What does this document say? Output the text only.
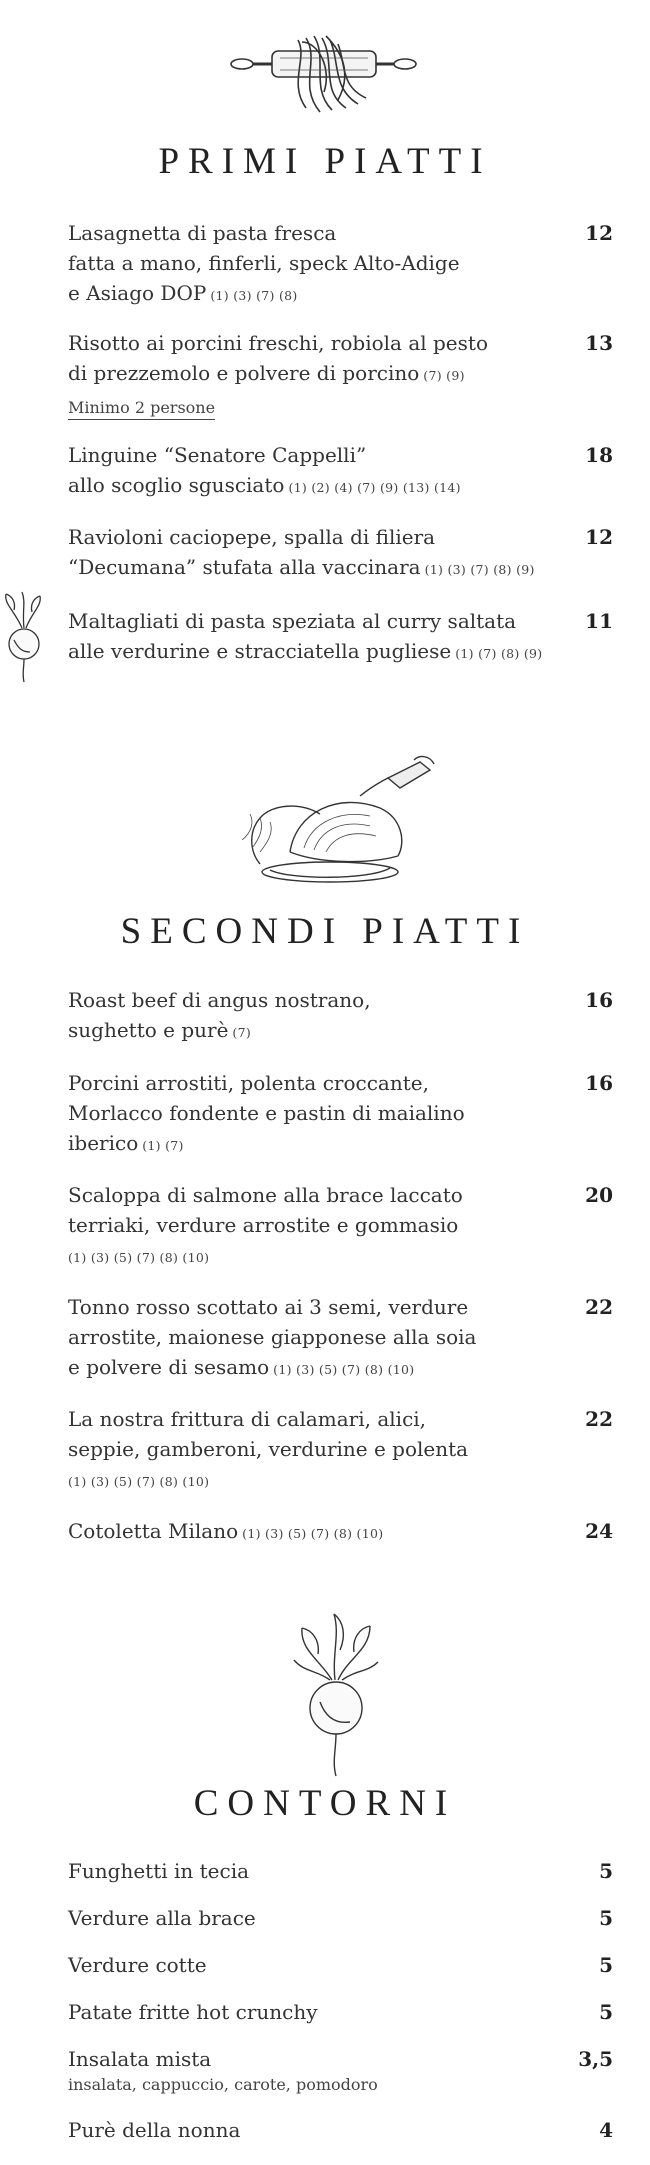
PRIMI PIATTI
Lasagnetta di pasta fresca
fatta a mano, finferli, speck Alto-Adige
e Asiago DOP (1) (3) (7) (8)
12
Risotto ai porcini freschi, robiola al pesto
di prezzemolo e polvere di porcino (7) (9)
Minimo 2 persone
13
Linguine “Senatore Cappelli”
allo scoglio sgusciato (1) (2) (4) (7) (9) (13) (14)
18
Ravioloni caciopepe, spalla di filiera
“Decumana” stufata alla vaccinara (1) (3) (7) (8) (9)
12
Maltagliati di pasta speziata al curry saltata
alle verdurine e stracciatella pugliese (1) (7) (8) (9)
11
SECONDI PIATTI
Roast beef di angus nostrano,
sughetto e purè (7)
16
Porcini arrostiti, polenta croccante,
Morlacco fondente e pastin di maialino
iberico (1) (7)
16
Scaloppa di salmone alla brace laccato
terriaki, verdure arrostite e gommasio
(1) (3) (5) (7) (8) (10)
20
Tonno rosso scottato ai 3 semi, verdure
arrostite, maionese giapponese alla soia
e polvere di sesamo (1) (3) (5) (7) (8) (10)
22
La nostra frittura di calamari, alici,
seppie, gamberoni, verdurine e polenta
(1) (3) (5) (7) (8) (10)
22
Cotoletta Milano (1) (3) (5) (7) (8) (10)	24
CONTORNI
Funghetti in tecia	5
Verdure alla brace	5
Verdure cotte	5
Patate fritte hot crunchy	5
Insalata mista
insalata, cappuccio, carote, pomodoro
3,5
Purè della nonna	4
